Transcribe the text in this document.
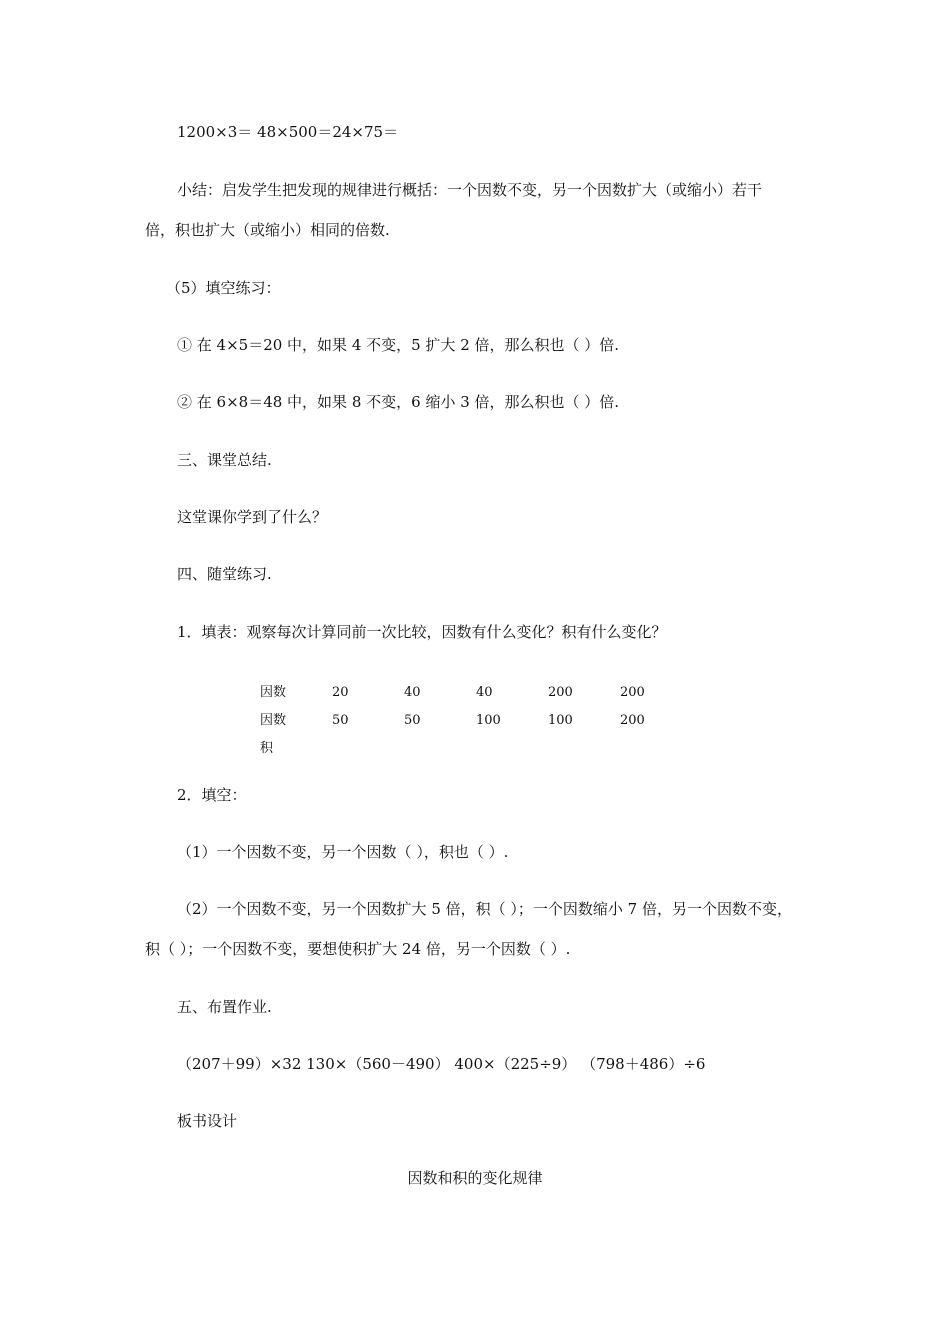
1200×3＝ 48×500＝24×75＝
小结：启发学生把发现的规律进行概括：一个因数不变，另一个因数扩大（或缩小）若干
倍，积也扩大（或缩小）相同的倍数.
（5）填空练习：
① 在 4×5＝20 中，如果 4 不变，5 扩大 2 倍，那么积也（ ）倍.
② 在 6×8＝48 中，如果 8 不变，6 缩小 3 倍，那么积也（ ）倍.
三、课堂总结.
这堂课你学到了什么？
四、随堂练习.
1．填表：观察每次计算同前一次比较，因数有什么变化？积有什么变化？
因数	20	40	40	200	200
因数	50	50	100	100	200
积
2．填空：
（1）一个因数不变，另一个因数（ ），积也（ ）.
（2）一个因数不变，另一个因数扩大 5 倍，积（ ）；一个因数缩小 7 倍，另一个因数不变，
积（ ）；一个因数不变，要想使积扩大 24 倍，另一个因数（ ）.
五、布置作业.
（207＋99）×32 130×（560－490） 400×（225÷9） （798＋486）÷6
板书设计
因数和积的变化规律
